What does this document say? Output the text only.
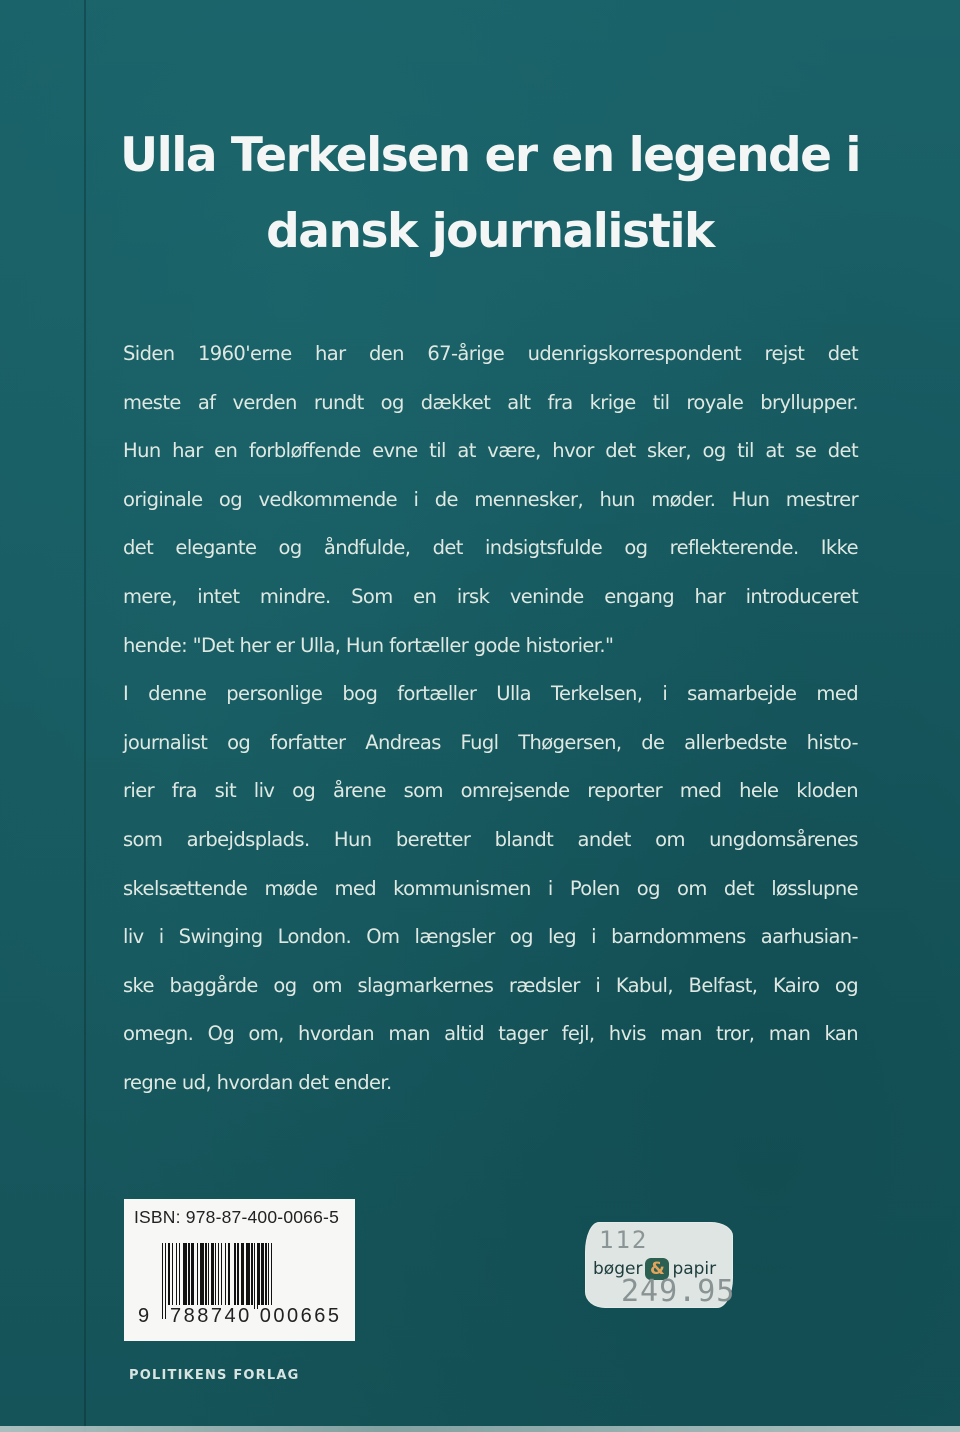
Ulla Terkelsen er en legende i
dansk journalistik
Siden 1960'erne har den 67-årige udenrigskorrespondent rejst det
meste af verden rundt og dækket alt fra krige til royale bryllupper.
Hun har en forbløffende evne til at være, hvor det sker, og til at se det
originale og vedkommende i de mennesker, hun møder. Hun mestrer
det elegante og åndfulde, det indsigtsfulde og reflekterende. Ikke
mere, intet mindre. Som en irsk veninde engang har introduceret
hende: "Det her er Ulla, Hun fortæller gode historier."
I denne personlige bog fortæller Ulla Terkelsen, i samarbejde med
journalist og forfatter Andreas Fugl Thøgersen, de allerbedste histo-
rier fra sit liv og årene som omrejsende reporter med hele kloden
som arbejdsplads. Hun beretter blandt andet om ungdomsårenes
skelsættende møde med kommunismen i Polen og om det løsslupne
liv i Swinging London. Om længsler og leg i barndommens aarhusian-
ske baggårde og om slagmarkernes rædsler i Kabul, Belfast, Kairo og
omegn. Og om, hvordan man altid tager fejl, hvis man tror, man kan
regne ud, hvordan det ender.
ISBN: 978-87-400-0066-5
9	788740 000665
112
bøger & papir
249.95
POLITIKENS FORLAG
